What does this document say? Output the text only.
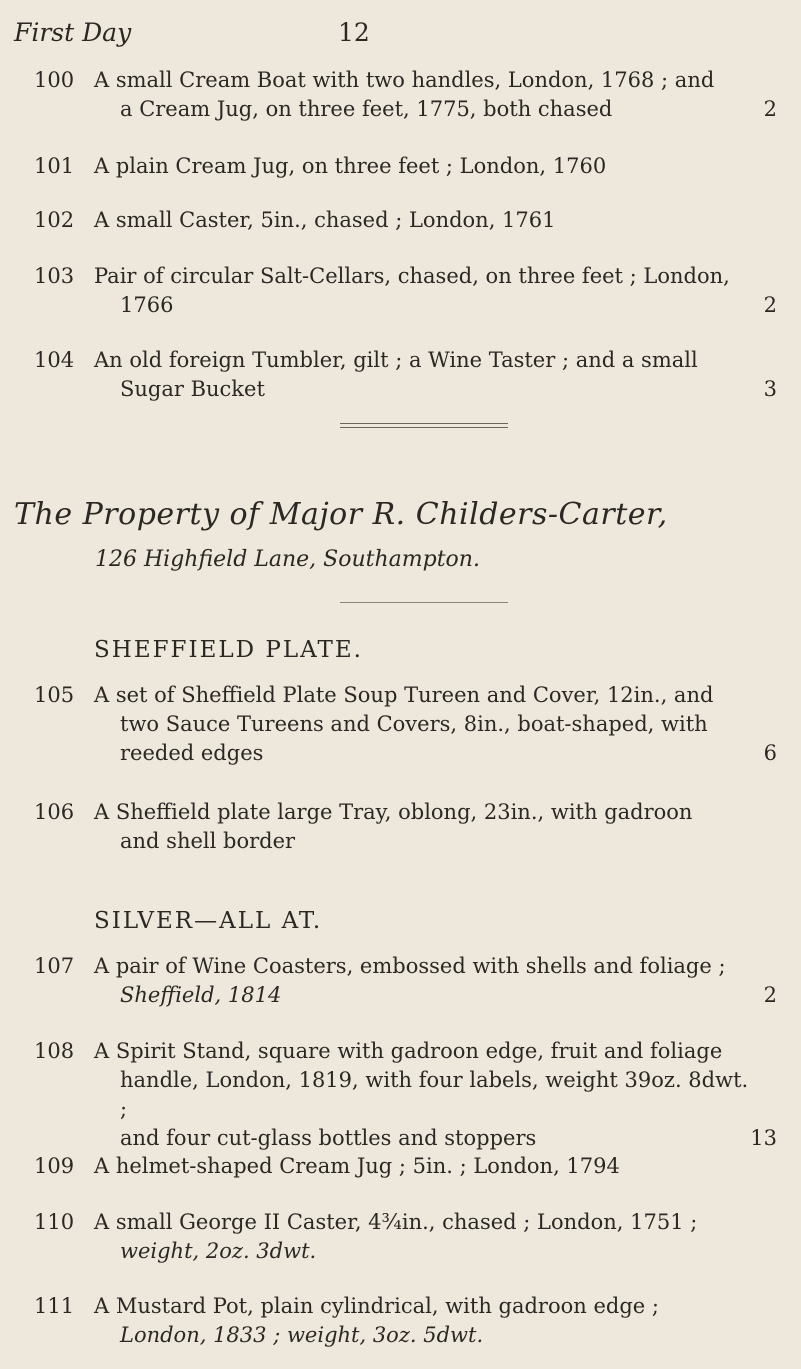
First Day	12
100 A small Cream Boat with two handles, London, 1768 ; and
a Cream Jug, on three feet, 1775, both chased	2
101 A plain Cream Jug, on three feet ; London, 1760
102 A small Caster, 5in., chased ; London, 1761
103 Pair of circular Salt-Cellars, chased, on three feet ; London,
1766	2
104 An old foreign Tumbler, gilt ; a Wine Taster ; and a small
Sugar Bucket	3
The Property of Major R. Childers-Carter,
126 Highfield Lane, Southampton.
SHEFFIELD PLATE.
105 A set of Sheffield Plate Soup Tureen and Cover, 12in., and
two Sauce Tureens and Covers, 8in., boat-shaped, with
reeded edges	6
106 A Sheffield plate large Tray, oblong, 23in., with gadroon
and shell border
SILVER—ALL AT.
107 A pair of Wine Coasters, embossed with shells and foliage ;
Sheffield, 1814	2
108 A Spirit Stand, square with gadroon edge, fruit and foliage
handle, London, 1819, with four labels, weight 39oz. 8dwt. ;
and four cut-glass bottles and stoppers	13
109 A helmet-shaped Cream Jug ; 5in. ; London, 1794
110 A small George II Caster, 4¾in., chased ; London, 1751 ;
weight, 2oz. 3dwt.
111 A Mustard Pot, plain cylindrical, with gadroon edge ;
London, 1833 ; weight, 3oz. 5dwt.
